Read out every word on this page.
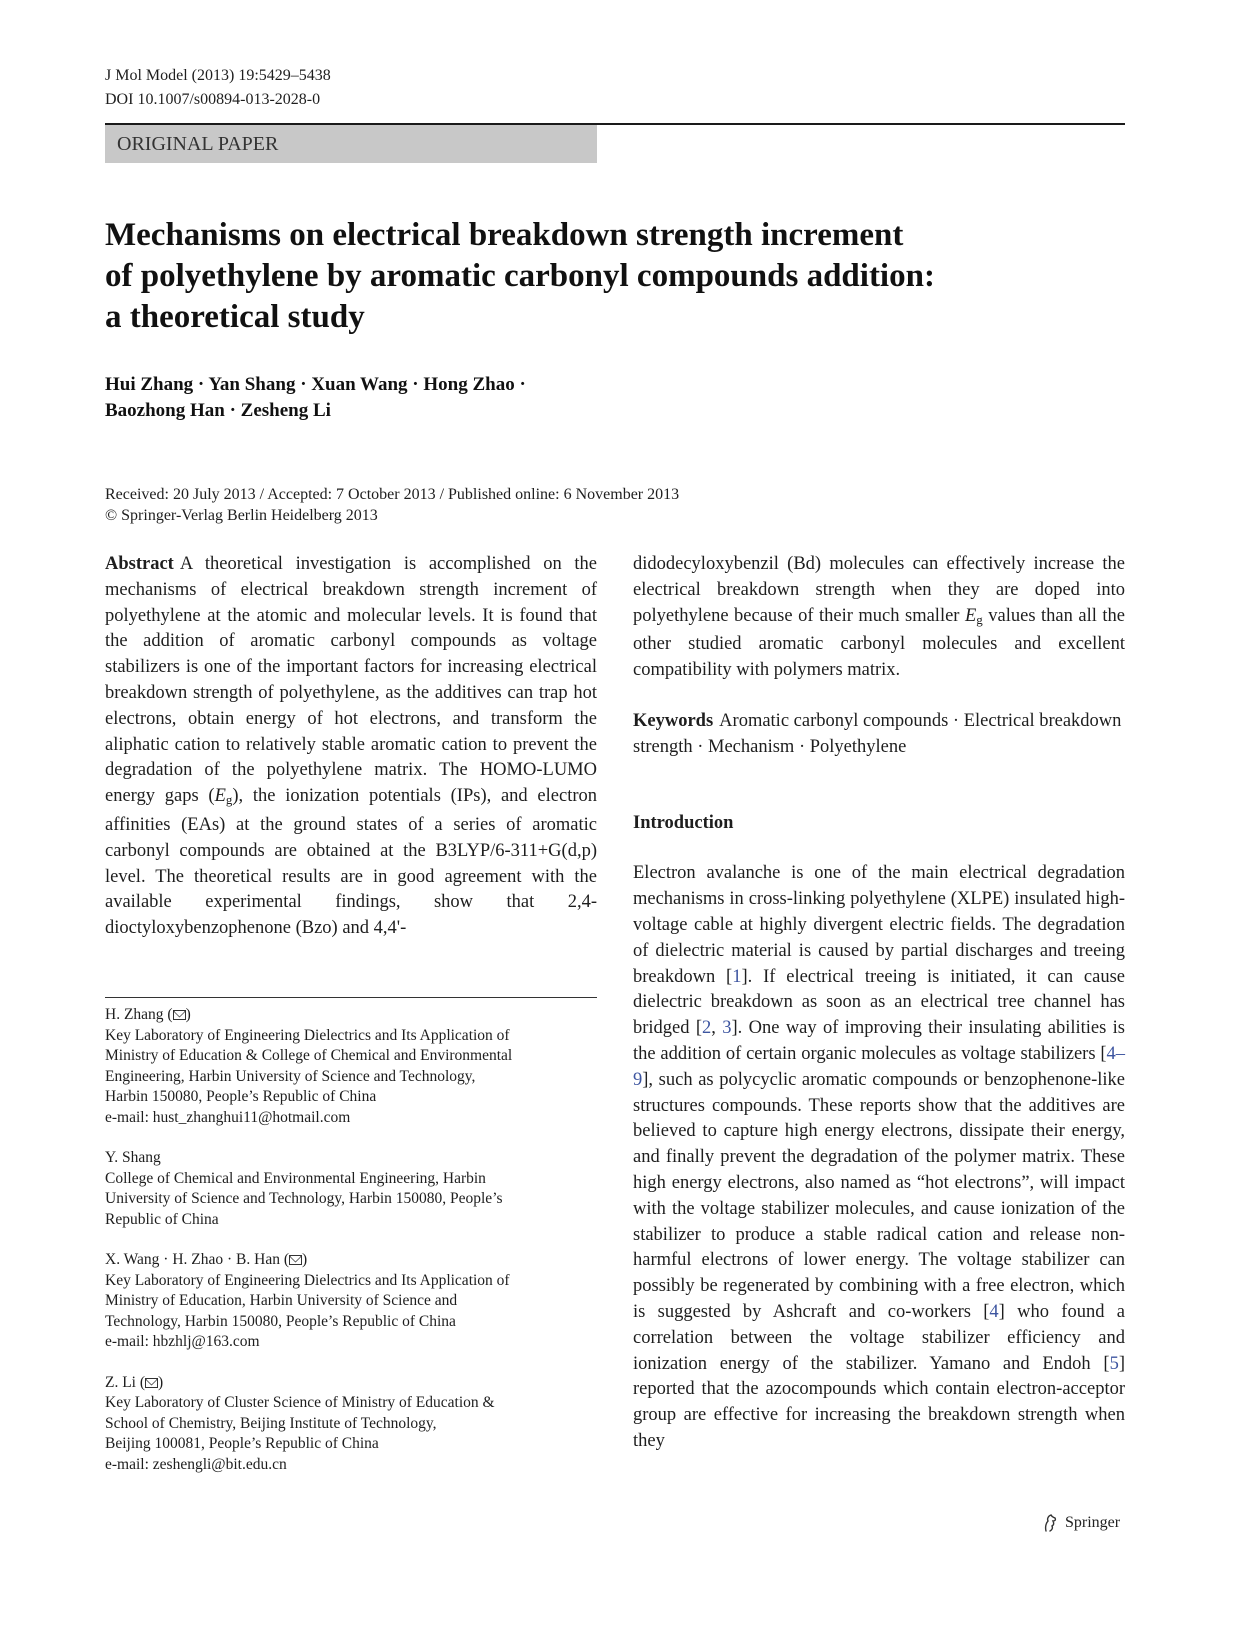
J Mol Model (2013) 19:5429–5438
DOI 10.1007/s00894-013-2028-0
ORIGINAL PAPER
Mechanisms on electrical breakdown strength increment
of polyethylene by aromatic carbonyl compounds addition:
a theoretical study
Hui Zhang · Yan Shang · Xuan Wang · Hong Zhao ·
Baozhong Han · Zesheng Li
Received: 20 July 2013 / Accepted: 7 October 2013 / Published online: 6 November 2013
© Springer-Verlag Berlin Heidelberg 2013

Abstract A theoretical investigation is accomplished on the mechanisms of electrical breakdown strength increment of polyethylene at the atomic and molecular levels. It is found that the addition of aromatic carbonyl compounds as voltage stabilizers is one of the important factors for increasing electrical breakdown strength of polyethylene, as the additives can trap hot electrons, obtain energy of hot electrons, and transform the aliphatic cation to relatively stable aromatic cation to prevent the degradation of the polyethylene matrix. The HOMO-LUMO energy gaps $(E_g)$, the ionization potentials (IPs), and electron affinities (EAs) at the ground states of a series of aromatic carbonyl compounds are obtained at the B3LYP/6-311+G(d,p) level. The theoretical results are in good agreement with the available experimental findings, show that 2,4-dioctyloxybenzophenone (Bzo) and 4,4'-

didodecyloxybenzil (Bd) molecules can effectively increase the electrical breakdown strength when they are doped into polyethylene because of their much smaller $E_g$ values than all the other studied aromatic carbonyl molecules and excellent compatibility with polymers matrix.

Keywords Aromatic carbonyl compounds · Electrical breakdown strength · Mechanism · Polyethylene

Introduction

Electron avalanche is one of the main electrical degradation mechanisms in cross-linking polyethylene (XLPE) insulated high-voltage cable at highly divergent electric fields. The degradation of dielectric material is caused by partial discharges and treeing breakdown [1]. If electrical treeing is initiated, it can cause dielectric breakdown as soon as an electrical tree channel has bridged [2, 3]. One way of improving their insulating abilities is the addition of certain organic molecules as voltage stabilizers [4–9], such as polycyclic aromatic compounds or benzophenone-like structures compounds. These reports show that the additives are believed to capture high energy electrons, dissipate their energy, and finally prevent the degradation of the polymer matrix. These high energy electrons, also named as “hot electrons”, will impact with the voltage stabilizer molecules, and cause ionization of the stabilizer to produce a stable radical cation and release non-harmful electrons of lower energy. The voltage stabilizer can possibly be regenerated by combining with a free electron, which is suggested by Ashcraft and co-workers [4] who found a correlation between the voltage stabilizer efficiency and ionization energy of the stabilizer. Yamano and Endoh [5] reported that the azocompounds which contain electron-acceptor group are effective for increasing the breakdown strength when they

H. Zhang ( )

Key Laboratory of Engineering Dielectrics and Its Application of

Ministry of Education & College of Chemical and Environmental

Engineering, Harbin University of Science and Technology,

Harbin 150080, People’s Republic of China

e-mail: hust_zhanghui11@hotmail.com

Y. Shang

College of Chemical and Environmental Engineering, Harbin

University of Science and Technology, Harbin 150080, People’s

Republic of China

X. Wang · H. Zhao · B. Han ( )

Key Laboratory of Engineering Dielectrics and Its Application of

Ministry of Education, Harbin University of Science and

Technology, Harbin 150080, People’s Republic of China

e-mail: hbzhlj@163.com

Z. Li ( )

Key Laboratory of Cluster Science of Ministry of Education &

School of Chemistry, Beijing Institute of Technology,

Beijing 100081, People’s Republic of China

e-mail: zeshengli@bit.edu.cn

Springer
